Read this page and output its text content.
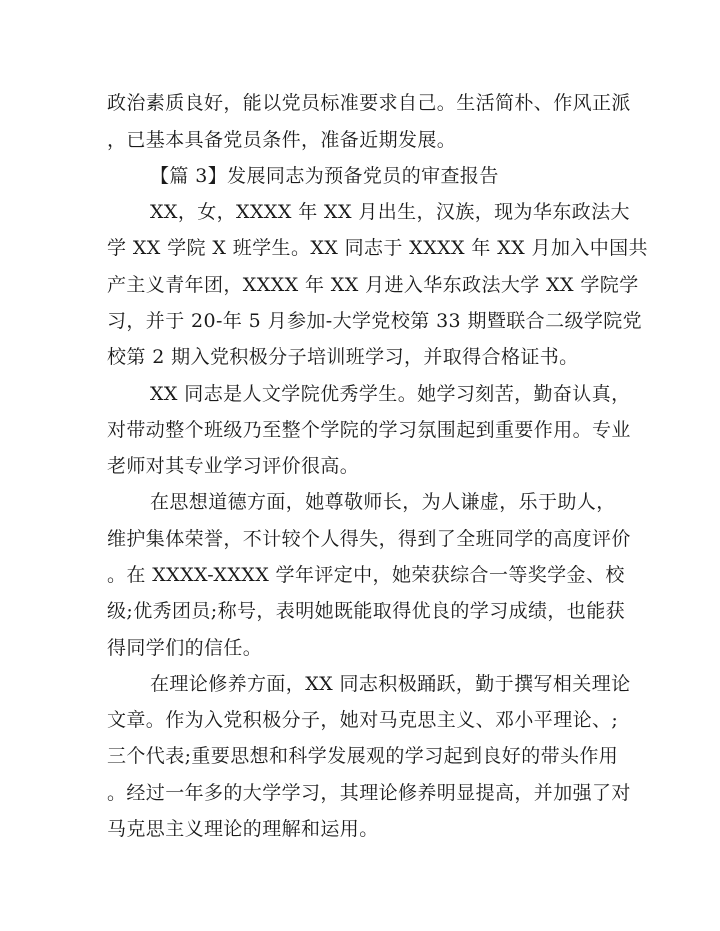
政治素质良好，能以党员标准要求自己。生活简朴、作风正派
，已基本具备党员条件，准备近期发展。
【篇 3】发展同志为预备党员的审查报告
XX，女，XXXX 年 XX 月出生，汉族，现为华东政法大
学 XX 学院 X 班学生。XX 同志于 XXXX 年 XX 月加入中国共
产主义青年团，XXXX 年 XX 月进入华东政法大学 XX 学院学
习，并于 20-年 5 月参加-大学党校第 33 期暨联合二级学院党
校第 2 期入党积极分子培训班学习，并取得合格证书。
XX 同志是人文学院优秀学生。她学习刻苦，勤奋认真，
对带动整个班级乃至整个学院的学习氛围起到重要作用。专业
老师对其专业学习评价很高。
在思想道德方面，她尊敬师长，为人谦虚，乐于助人，
维护集体荣誉，不计较个人得失，得到了全班同学的高度评价
。在 XXXX-XXXX 学年评定中，她荣获综合一等奖学金、校
级;优秀团员;称号，表明她既能取得优良的学习成绩，也能获
得同学们的信任。
在理论修养方面，XX 同志积极踊跃，勤于撰写相关理论
文章。作为入党积极分子，她对马克思主义、邓小平理论、;
三个代表;重要思想和科学发展观的学习起到良好的带头作用
。经过一年多的大学学习，其理论修养明显提高，并加强了对
马克思主义理论的理解和运用。
